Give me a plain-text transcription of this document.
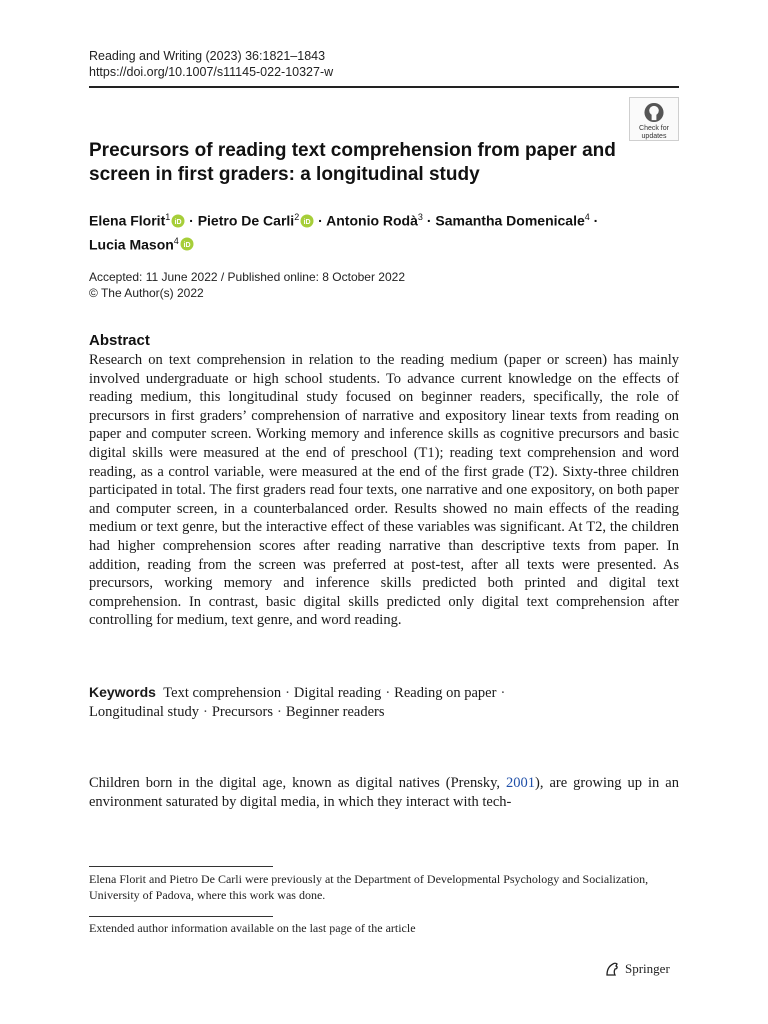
Reading and Writing (2023) 36:1821–1843
https://doi.org/10.1007/s11145-022-10327-w
Check for
updates
Precursors of reading text comprehension from paper and
screen in first graders: a longitudinal study
Elena Florit$^1$
iD · Pietro De Carli$^2$
iD · Antonio Rodà$^3$ · Samantha Domenicale$^4$ ·
Lucia Mason$^4$
iD
Accepted: 11 June 2022 / Published online: 8 October 2022
© The Author(s) 2022
Abstract
Research on text comprehension in relation to the reading medium (paper or screen) has mainly involved undergraduate or high school students. To advance current knowledge on the effects of reading medium, this longitudinal study focused on beginner readers, specifically, the role of precursors in first graders’ comprehension of narrative and expository linear texts from reading on paper and computer screen. Working memory and inference skills as cognitive precursors and basic digital skills were measured at the end of preschool (T1); reading text comprehension and word reading, as a control variable, were measured at the end of the first grade (T2). Sixty-three children participated in total. The first graders read four texts, one narrative and one expository, on both paper and computer screen, in a counterbalanced order. Results showed no main effects of the reading medium or text genre, but the interactive effect of these variables was significant. At T2, the children had higher comprehension scores after reading narrative than descriptive texts from paper. In addition, reading from the screen was preferred at post-test, after all texts were presented. As precursors, working memory and inference skills predicted both printed and digital text comprehension. In contrast, basic digital skills predicted only digital text comprehension after controlling for medium, text genre, and word reading.
Keywords Text comprehension · Digital reading · Reading on paper ·
Longitudinal study · Precursors · Beginner readers
Children born in the digital age, known as digital natives (Prensky, 2001), are growing up in an environment saturated by digital media, in which they interact with tech-
Elena Florit and Pietro De Carli were previously at the Department of Developmental Psychology and Socialization, University of Padova, where this work was done.
Extended author information available on the last page of the article
Springer
